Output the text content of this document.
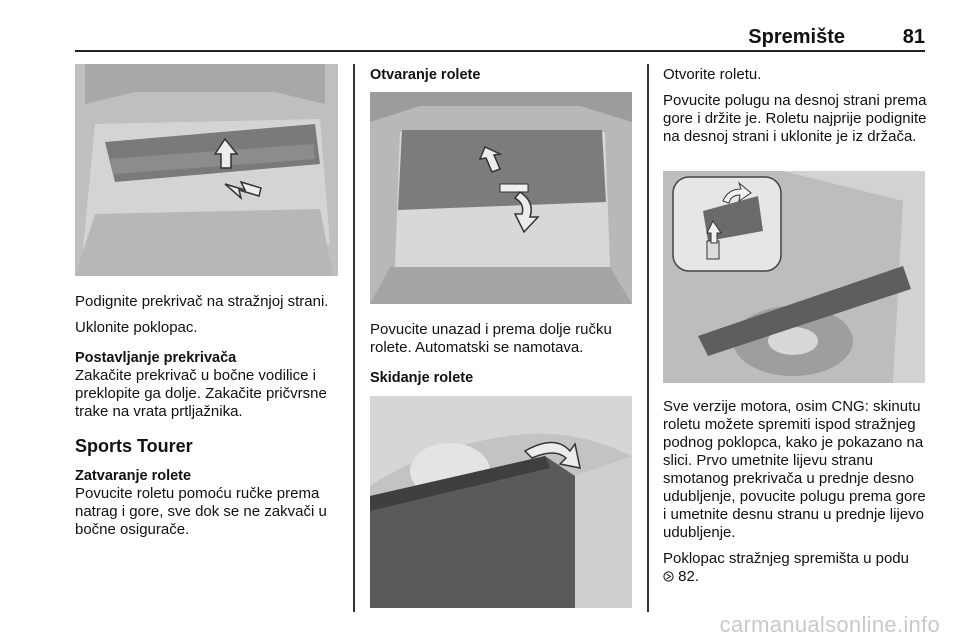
Spremište	81

Podignite prekrivač na stražnjoj strani.

Uklonite poklopac.

Postavljanje prekrivača

Zakačite prekrivač u bočne vodilice i preklopite ga dolje. Zakačite pričvrsne trake na vrata prtljažnika.

Sports Tourer
Zatvaranje rolete

Povucite roletu pomoću ručke prema natrag i gore, sve dok se ne zakvači u bočne osigurače.

Otvaranje rolete

Povucite unazad i prema dolje ručku rolete. Automatski se namotava.

Skidanje rolete

Otvorite roletu.

Povucite polugu na desnoj strani prema gore i držite je. Roletu najprije podignite na desnoj strani i uklonite je iz držača.

Sve verzije motora, osim CNG: skinutu roletu možete spremiti ispod stražnjeg podnog poklopca, kako je pokazano na slici. Prvo umetnite lijevu stranu smotanog prekrivača u prednje desno udubljenje, povucite polugu prema gore i umetnite desnu stranu u prednje lijevo udubljenje.

Poklopac stražnjeg spremišta u podu
82.

carmanualsonline.info
